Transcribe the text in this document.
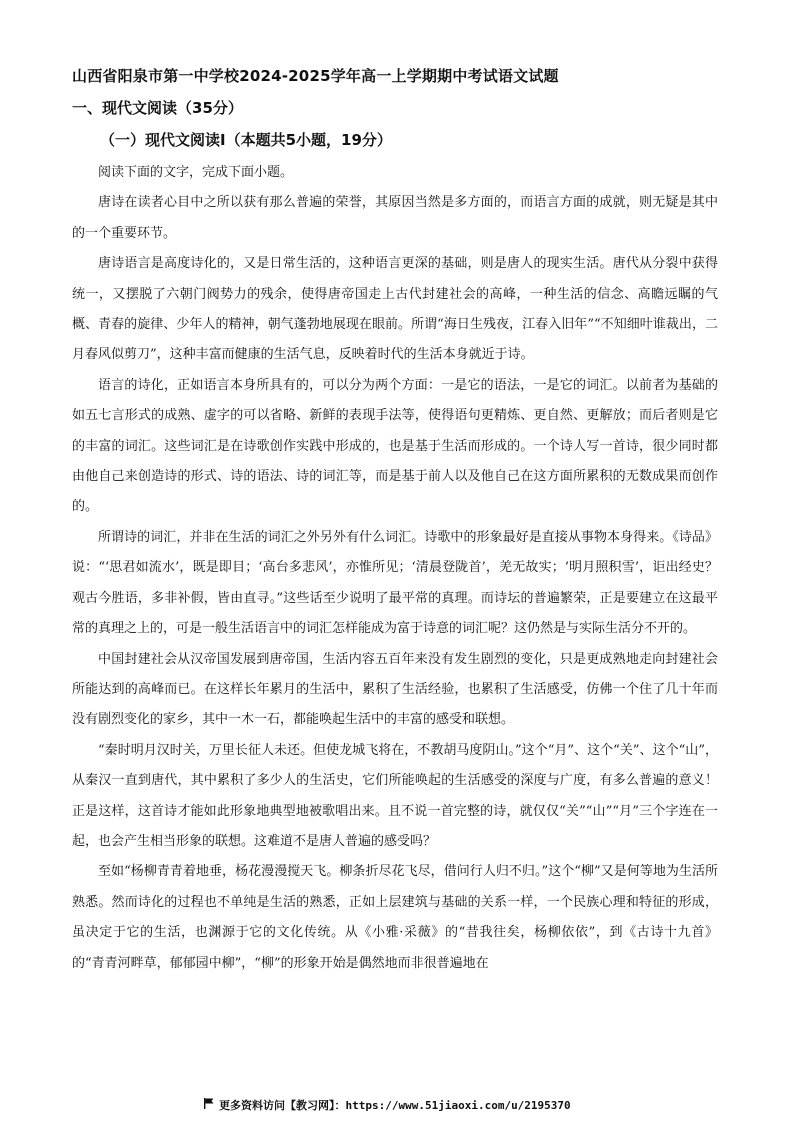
山西省阳泉市第一中学校2024-2025学年高一上学期期中考试语文试题
一、现代文阅读（35分）
（一）现代文阅读Ⅰ（本题共5小题，19分）

阅读下面的文字，完成下面小题。

唐诗在读者心目中之所以获有那么普遍的荣誉，其原因当然是多方面的，而语言方面的成就，则无疑是其中的一个重要环节。

唐诗语言是高度诗化的，又是日常生活的，这种语言更深的基础，则是唐人的现实生活。唐代从分裂中获得统一，又摆脱了六朝门阀势力的残余，使得唐帝国走上古代封建社会的高峰，一种生活的信念、高瞻远瞩的气概、青春的旋律、少年人的精神，朝气蓬勃地展现在眼前。所谓“海日生残夜，江春入旧年”“不知细叶谁裁出，二月春风似剪刀”，这种丰富而健康的生活气息，反映着时代的生活本身就近于诗。

语言的诗化，正如语言本身所具有的，可以分为两个方面：一是它的语法，一是它的词汇。以前者为基础的如五七言形式的成熟、虚字的可以省略、新鲜的表现手法等，使得语句更精炼、更自然、更解放；而后者则是它的丰富的词汇。这些词汇是在诗歌创作实践中形成的，也是基于生活而形成的。一个诗人写一首诗，很少同时都由他自己来创造诗的形式、诗的语法、诗的词汇等，而是基于前人以及他自己在这方面所累积的无数成果而创作的。

所谓诗的词汇，并非在生活的词汇之外另外有什么词汇。诗歌中的形象最好是直接从事物本身得来。《诗品》说：“‘思君如流水’，既是即目；‘高台多悲风’，亦惟所见；‘清晨登陇首’，羌无故实；‘明月照积雪’，讵出经史？观古今胜语，多非补假，皆由直寻。”这些话至少说明了最平常的真理。而诗坛的普遍繁荣，正是要建立在这最平常的真理之上的，可是一般生活语言中的词汇怎样能成为富于诗意的词汇呢？这仍然是与实际生活分不开的。

中国封建社会从汉帝国发展到唐帝国，生活内容五百年来没有发生剧烈的变化，只是更成熟地走向封建社会所能达到的高峰而已。在这样长年累月的生活中，累积了生活经验，也累积了生活感受，仿佛一个住了几十年而没有剧烈变化的家乡，其中一木一石，都能唤起生活中的丰富的感受和联想。

“秦时明月汉时关，万里长征人未还。但使龙城飞将在，不教胡马度阴山。”这个“月”、这个“关”、这个“山”，从秦汉一直到唐代，其中累积了多少人的生活史，它们所能唤起的生活感受的深度与广度，有多么普遍的意义！正是这样，这首诗才能如此形象地典型地被歌唱出来。且不说一首完整的诗，就仅仅“关”“山”“月”三个字连在一起，也会产生相当形象的联想。这难道不是唐人普遍的感受吗？

至如“杨柳青青着地垂，杨花漫漫搅天飞。柳条折尽花飞尽，借问行人归不归。”这个“柳”又是何等地为生活所熟悉。然而诗化的过程也不单纯是生活的熟悉，正如上层建筑与基础的关系一样，一个民族心理和特征的形成，虽决定于它的生活，也渊源于它的文化传统。从《小雅·采薇》的“昔我往矣，杨柳依依”，到《古诗十九首》的“青青河畔草，郁郁园中柳”，“柳”的形象开始是偶然地而非很普遍地在

更多资料访问【教习网】：https://www.51jiaoxi.com/u/2195370
